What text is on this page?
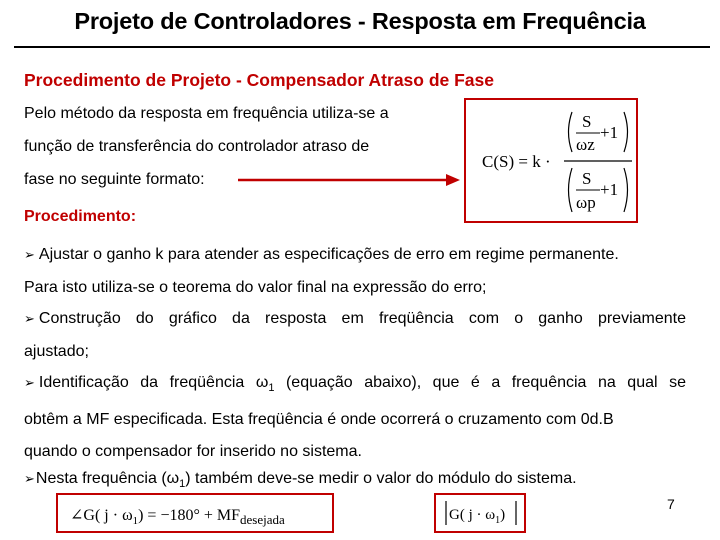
Projeto de Controladores - Resposta em Frequência
Procedimento de Projeto - Compensador Atraso de Fase
Pelo método da resposta em frequência utiliza-se a
função de transferência do controlador atraso de
fase no seguinte formato:
C(S) = k ·
S
ωz
+1
S
ωp
+1
Procedimento:
➢ Ajustar o ganho k para atender as especificações de erro em regime permanente.
Para isto utiliza-se o teorema do valor final na expressão do erro;
➢ Construção do gráfico da resposta em freqüência com o ganho previamente
ajustado;
➢ Identificação da freqüência $\omega_1$ (equação abaixo), que é a frequência na qual se
obtêm a MF especificada. Esta freqüência é onde ocorrerá o cruzamento com 0d.B
quando o compensador for inserido no sistema.
➢Nesta frequência $(\omega_1)$ também deve-se medir o valor do módulo do sistema.
∠G( $j \cdot \omega_1) = -180^\circ + MF_{desejada}$	G( $j \cdot \omega_1$)
7
